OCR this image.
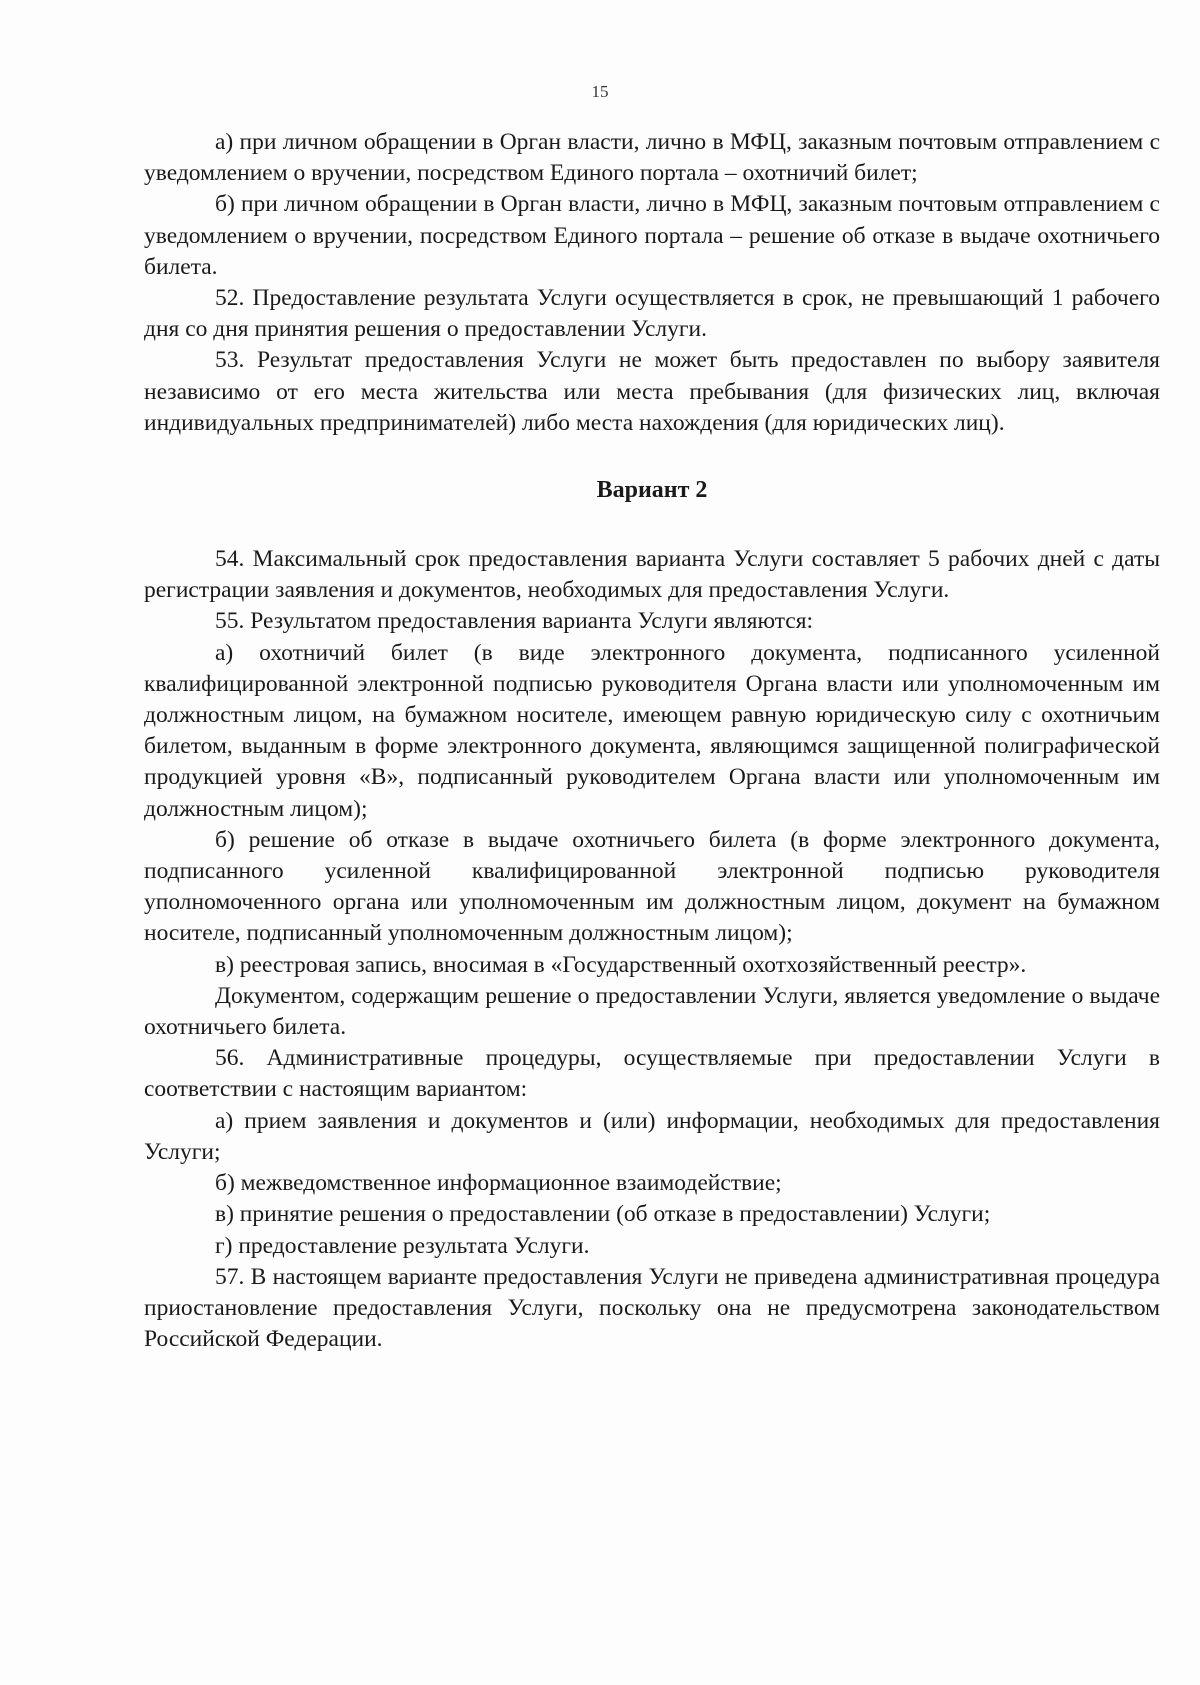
15

а) при личном обращении в Орган власти, лично в МФЦ, заказным почтовым отправлением с уведомлением о вручении, посредством Единого портала – охотничий билет;

б) при личном обращении в Орган власти, лично в МФЦ, заказным почтовым отправлением с уведомлением о вручении, посредством Единого портала – решение об отказе в выдаче охотничьего билета.

52. Предоставление результата Услуги осуществляется в срок, не превышающий 1 рабочего дня со дня принятия решения о предоставлении Услуги.

53. Результат предоставления Услуги не может быть предоставлен по выбору заявителя независимо от его места жительства или места пребывания (для физических лиц, включая индивидуальных предпринимателей) либо места нахождения (для юридических лиц).

Вариант 2

54. Максимальный срок предоставления варианта Услуги составляет 5 рабочих дней с даты регистрации заявления и документов, необходимых для предоставления Услуги.

55. Результатом предоставления варианта Услуги являются:

а) охотничий билет (в виде электронного документа, подписанного усиленной квалифицированной электронной подписью руководителя Органа власти или уполномоченным им должностным лицом, на бумажном носителе, имеющем равную юридическую силу с охотничьим билетом, выданным в форме электронного документа, являющимся защищенной полиграфической продукцией уровня «В», подписанный руководителем Органа власти или уполномоченным им должностным лицом);

б) решение об отказе в выдаче охотничьего билета (в форме электронного документа, подписанного усиленной квалифицированной электронной подписью руководителя уполномоченного органа или уполномоченным им должностным лицом, документ на бумажном носителе, подписанный уполномоченным должностным лицом);

в) реестровая запись, вносимая в «Государственный охотхозяйственный реестр».

Документом, содержащим решение о предоставлении Услуги, является уведомление о выдаче охотничьего билета.

56. Административные процедуры, осуществляемые при предоставлении Услуги в соответствии с настоящим вариантом:

а) прием заявления и документов и (или) информации, необходимых для предоставления Услуги;

б) межведомственное информационное взаимодействие;

в) принятие решения о предоставлении (об отказе в предоставлении) Услуги;

г) предоставление результата Услуги.

57. В настоящем варианте предоставления Услуги не приведена административная процедура приостановление предоставления Услуги, поскольку она не предусмотрена законодательством Российской Федерации.
